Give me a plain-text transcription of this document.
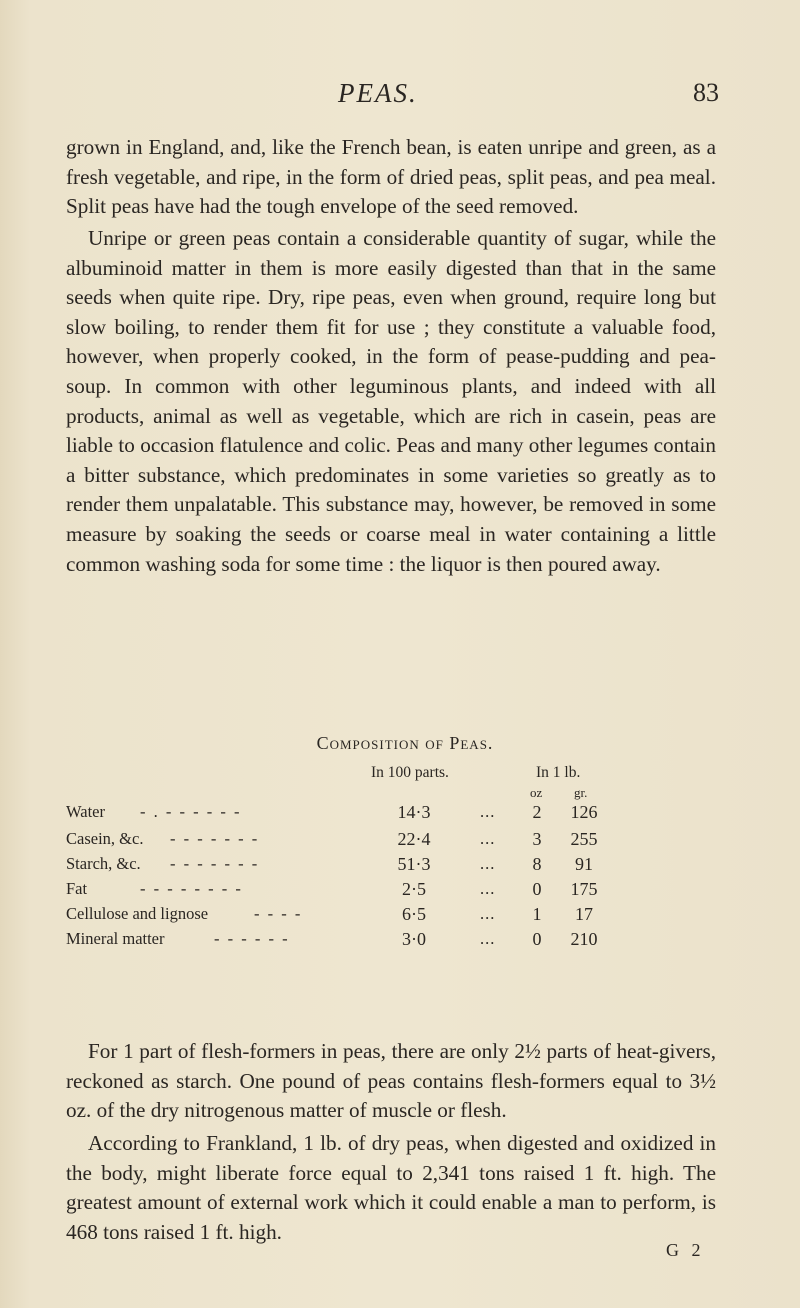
PEAS.	83

grown in England, and, like the French bean, is eaten unripe and green, as a fresh vegetable, and ripe, in the form of dried peas, split peas, and pea meal. Split peas have had the tough envelope of the seed removed.

Unripe or green peas contain a considerable quantity of sugar, while the albuminoid matter in them is more easily digested than that in the same seeds when quite ripe. Dry, ripe peas, even when ground, require long but slow boiling, to render them fit for use ; they constitute a valuable food, however, when properly cooked, in the form of pease-pudding and pea-soup. In common with other leguminous plants, and indeed with all products, animal as well as vegetable, which are rich in casein, peas are liable to occasion flatulence and colic. Peas and many other legumes contain a bitter substance, which predominates in some varieties so greatly as to render them unpalatable. This substance may, however, be removed in some measure by soaking the seeds or coarse meal in water containing a little common washing soda for some time : the liquor is then poured away.

Composition of Peas.
In 100 parts.	In 1 lb.
oz gr.
Water - . - - - - - -	14·3	...	2	126
Casein, &c. - - - - - - -	22·4	...	3	255
Starch, &c. - - - - - - -	51·3	...	8	91
Fat	- - - - - - - -	2·5	...	0	175
Cellulose and lignose	- - - -	6·5	...	1	17
Mineral matter	- - - - - -	3·0	...	0	210

For 1 part of flesh-formers in peas, there are only 2½ parts of heat-givers, reckoned as starch. One pound of peas contains flesh-formers equal to 3½ oz. of the dry nitrogenous matter of muscle or flesh.

According to Frankland, 1 lb. of dry peas, when digested and oxidized in the body, might liberate force equal to 2,341 tons raised 1 ft. high. The greatest amount of external work which it could enable a man to perform, is 468 tons raised 1 ft. high.

G 2
